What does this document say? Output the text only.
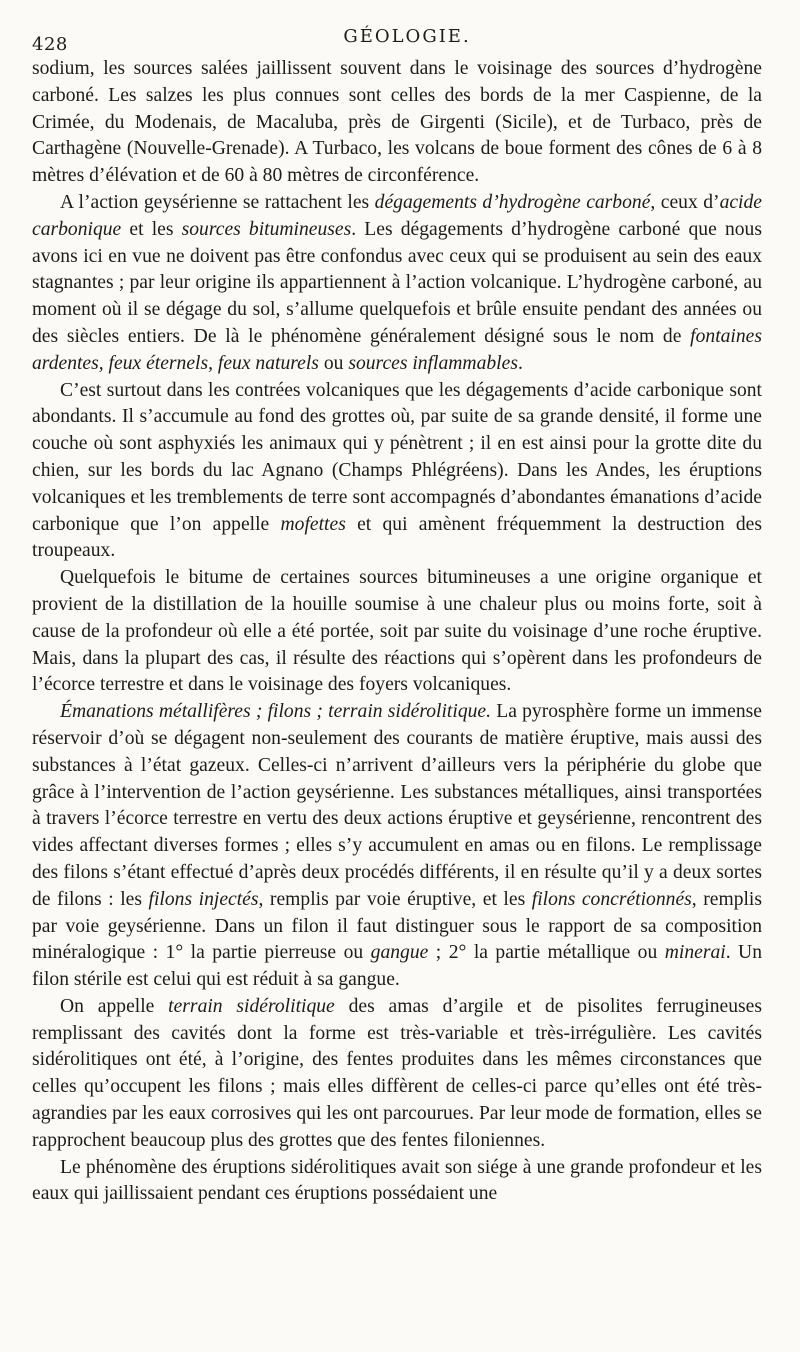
428	GÉOLOGIE.

sodium, les sources salées jaillissent souvent dans le voisinage des sources d’hydrogène carboné. Les salzes les plus connues sont celles des bords de la mer Caspienne, de la Crimée, du Modenais, de Macaluba, près de Girgenti (Sicile), et de Turbaco, près de Carthagène (Nouvelle-Grenade). A Turbaco, les volcans de boue forment des cônes de 6 à 8 mètres d’élévation et de 60 à 80 mètres de circonférence.

A l’action geysérienne se rattachent les dégagements d’hydrogène carboné, ceux d’acide carbonique et les sources bitumineuses. Les dégagements d’hydrogène carboné que nous avons ici en vue ne doivent pas être confondus avec ceux qui se produisent au sein des eaux stagnantes ; par leur origine ils appartiennent à l’action volcanique. L’hydrogène carboné, au moment où il se dégage du sol, s’allume quelquefois et brûle ensuite pendant des années ou des siècles entiers. De là le phénomène généralement désigné sous le nom de fontaines ardentes, feux éternels, feux naturels ou sources inflammables.

C’est surtout dans les contrées volcaniques que les dégagements d’acide carbonique sont abondants. Il s’accumule au fond des grottes où, par suite de sa grande densité, il forme une couche où sont asphyxiés les animaux qui y pénètrent ; il en est ainsi pour la grotte dite du chien, sur les bords du lac Agnano (Champs Phlégréens). Dans les Andes, les éruptions volcaniques et les tremblements de terre sont accompagnés d’abondantes émanations d’acide carbonique que l’on appelle mofettes et qui amènent fréquemment la destruction des troupeaux.

Quelquefois le bitume de certaines sources bitumineuses a une origine organique et provient de la distillation de la houille soumise à une chaleur plus ou moins forte, soit à cause de la profondeur où elle a été portée, soit par suite du voisinage d’une roche éruptive. Mais, dans la plupart des cas, il résulte des réactions qui s’opèrent dans les profondeurs de l’écorce terrestre et dans le voisinage des foyers volcaniques.

Émanations métallifères ; filons ; terrain sidérolitique. La pyrosphère forme un immense réservoir d’où se dégagent non-seulement des courants de matière éruptive, mais aussi des substances à l’état gazeux. Celles-ci n’arrivent d’ailleurs vers la périphérie du globe que grâce à l’intervention de l’action geysérienne. Les substances métalliques, ainsi transportées à travers l’écorce terrestre en vertu des deux actions éruptive et geysérienne, rencontrent des vides affectant diverses formes ; elles s’y accumulent en amas ou en filons. Le remplissage des filons s’étant effectué d’après deux procédés différents, il en résulte qu’il y a deux sortes de filons : les filons injectés, remplis par voie éruptive, et les filons concrétionnés, remplis par voie geysérienne. Dans un filon il faut distinguer sous le rapport de sa composition minéralogique : 1° la partie pierreuse ou gangue ; 2° la partie métallique ou minerai. Un filon stérile est celui qui est réduit à sa gangue.

On appelle terrain sidérolitique des amas d’argile et de pisolites ferrugineuses remplissant des cavités dont la forme est très-variable et très-irrégulière. Les cavités sidérolitiques ont été, à l’origine, des fentes produites dans les mêmes circonstances que celles qu’occupent les filons ; mais elles diffèrent de celles-ci parce qu’elles ont été très-agrandies par les eaux corrosives qui les ont parcourues. Par leur mode de formation, elles se rapprochent beaucoup plus des grottes que des fentes filoniennes.

Le phénomène des éruptions sidérolitiques avait son siége à une grande profondeur et les eaux qui jaillissaient pendant ces éruptions possédaient une
